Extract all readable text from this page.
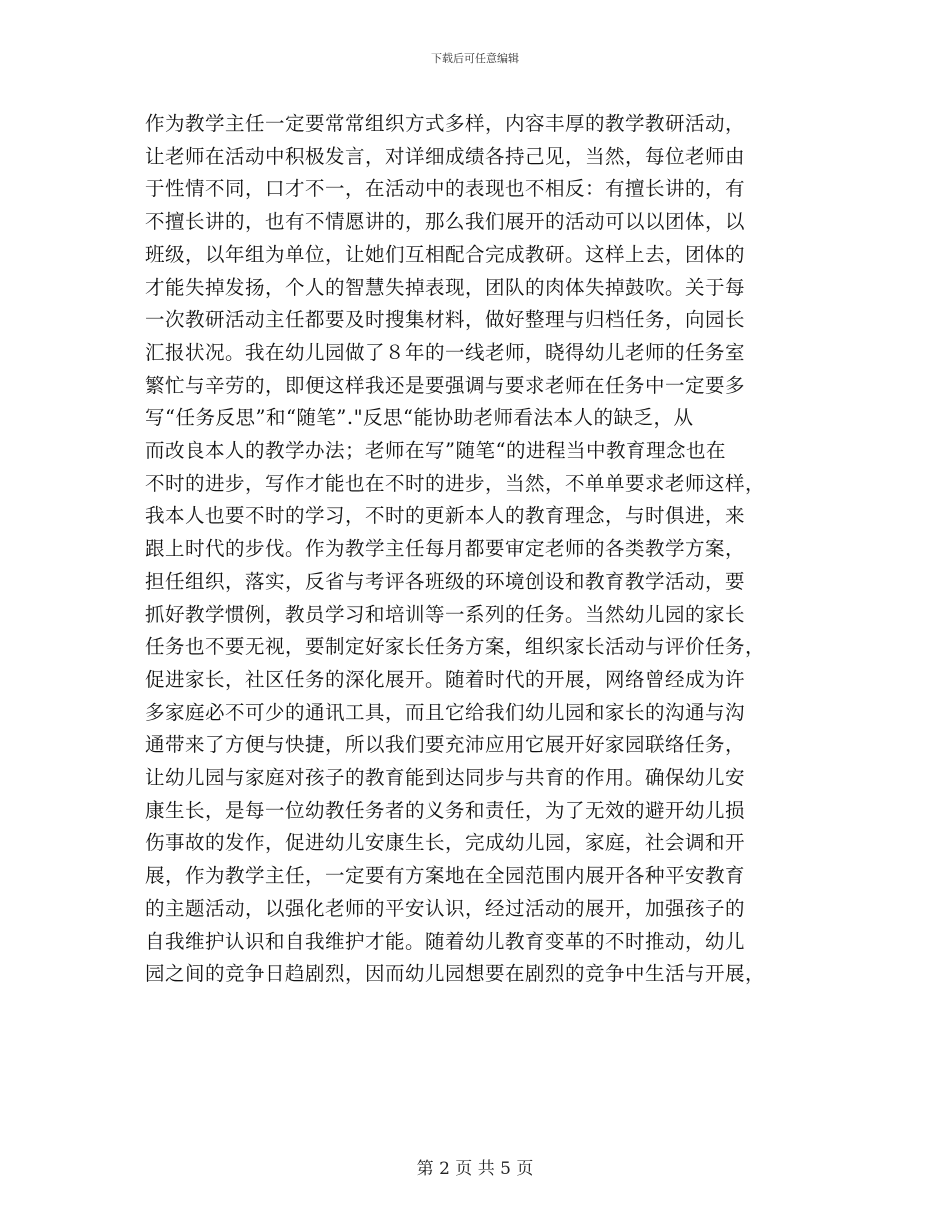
下载后可任意编辑
作为教学主任一定要常常组织方式多样，内容丰厚的教学教研活动，
让老师在活动中积极发言，对详细成绩各持己见，当然，每位老师由
于性情不同，口才不一，在活动中的表现也不相反：有擅长讲的，有
不擅长讲的，也有不情愿讲的，那么我们展开的活动可以以团体，以
班级，以年组为单位，让她们互相配合完成教研。这样上去，团体的
才能失掉发扬，个人的智慧失掉表现，团队的肉体失掉鼓吹。关于每
一次教研活动主任都要及时搜集材料，做好整理与归档任务，向园长
汇报状况。我在幼儿园做了８年的一线老师，晓得幼儿老师的任务室
繁忙与辛劳的，即便这样我还是要强调与要求老师在任务中一定要多
写“任务反思”和“随笔”."反思“能协助老师看法本人的缺乏，从
而改良本人的教学办法；老师在写”随笔“的进程当中教育理念也在
不时的进步，写作才能也在不时的进步，当然，不单单要求老师这样，
我本人也要不时的学习，不时的更新本人的教育理念，与时俱进，来
跟上时代的步伐。作为教学主任每月都要审定老师的各类教学方案，
担任组织，落实，反省与考评各班级的环境创设和教育教学活动，要
抓好教学惯例，教员学习和培训等一系列的任务。当然幼儿园的家长
任务也不要无视，要制定好家长任务方案，组织家长活动与评价任务，
促进家长，社区任务的深化展开。随着时代的开展，网络曾经成为许
多家庭必不可少的通讯工具，而且它给我们幼儿园和家长的沟通与沟
通带来了方便与快捷，所以我们要充沛应用它展开好家园联络任务，
让幼儿园与家庭对孩子的教育能到达同步与共育的作用。确保幼儿安
康生长，是每一位幼教任务者的义务和责任，为了无效的避开幼儿损
伤事故的发作，促进幼儿安康生长，完成幼儿园，家庭，社会调和开
展，作为教学主任，一定要有方案地在全园范围内展开各种平安教育
的主题活动，以强化老师的平安认识，经过活动的展开，加强孩子的
自我维护认识和自我维护才能。随着幼儿教育变革的不时推动，幼儿
园之间的竞争日趋剧烈，因而幼儿园想要在剧烈的竞争中生活与开展，
第 2 页 共 5 页
